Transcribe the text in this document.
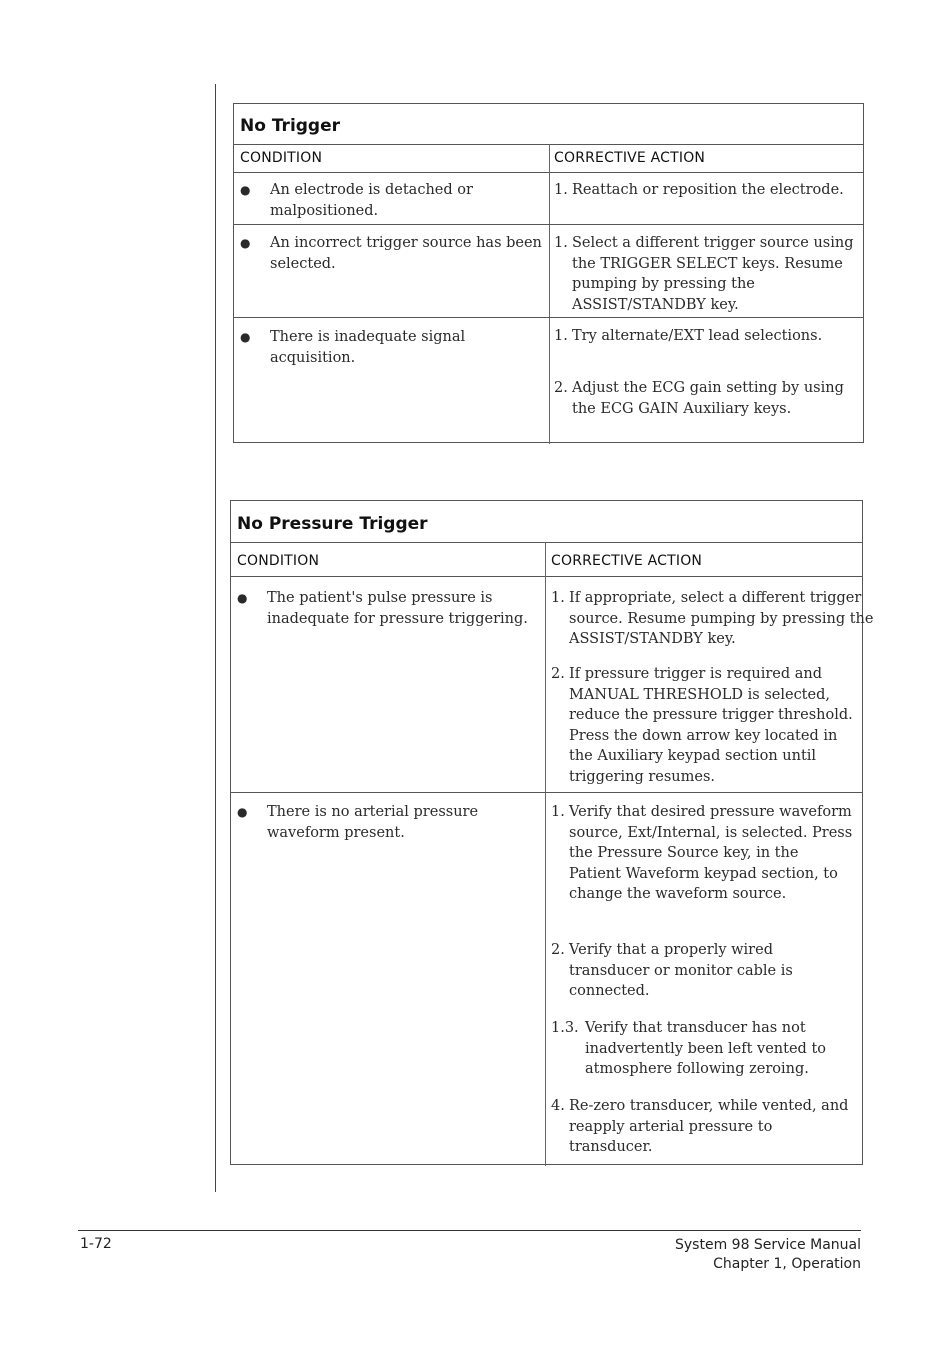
No Trigger
CONDITION	CORRECTIVE ACTION
● An electrode is detached or malpositioned.
1. Reattach or reposition the electrode.
● An incorrect trigger source has been selected.
1. Select a different trigger source using the TRIGGER SELECT keys. Resume pumping by pressing the ASSIST/STANDBY key.
● There is inadequate signal acquisition.
1. Try alternate/EXT lead selections.
2. Adjust the ECG gain setting by using the ECG GAIN Auxiliary keys.
No Pressure Trigger
CONDITION	CORRECTIVE ACTION
● The patient's pulse pressure is inadequate for pressure triggering.
1. If appropriate, select a different trigger source. Resume pumping by pressing the ASSIST/STANDBY key.
2. If pressure trigger is required and MANUAL THRESHOLD is selected, reduce the pressure trigger threshold. Press the down arrow key located in the Auxiliary keypad section until triggering resumes.
● There is no arterial pressure waveform present.
1. Verify that desired pressure waveform source, Ext/Internal, is selected. Press the Pressure Source key, in the Patient Waveform keypad section, to change the waveform source.
2. Verify that a properly wired transducer or monitor cable is connected.
1.3. Verify that transducer has not inadvertently been left vented to atmosphere following zeroing.
4. Re-zero transducer, while vented, and reapply arterial pressure to transducer.
1-72	System 98 Service Manual
Chapter 1, Operation
